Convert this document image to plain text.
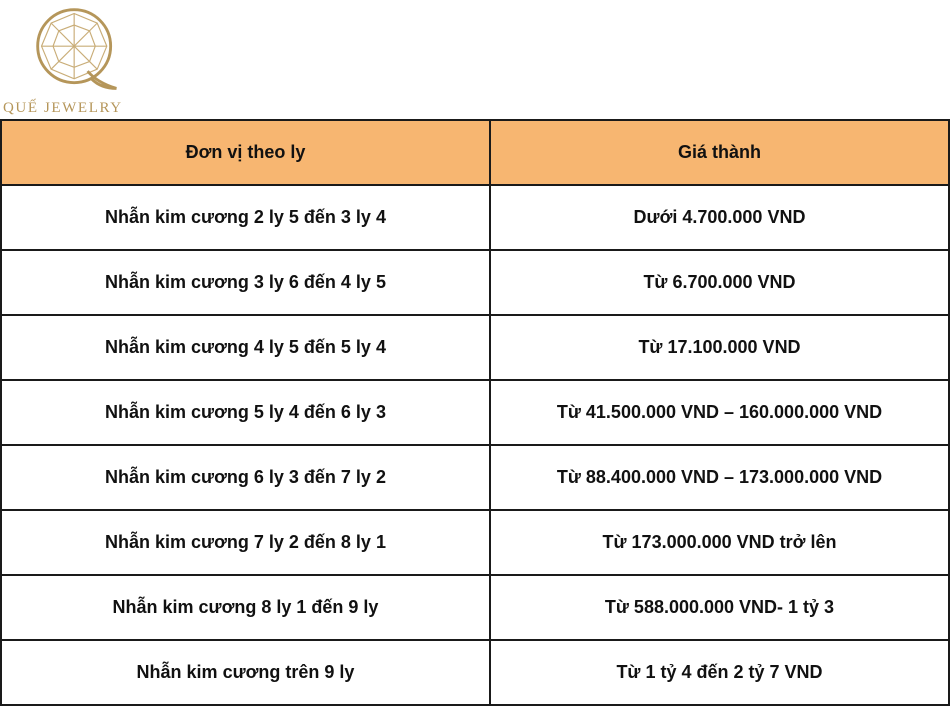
QUẾ JEWELRY
Đơn vị theo ly	Giá thành
Nhẫn kim cương 2 ly 5 đến 3 ly 4	Dưới 4.700.000 VND
Nhẫn kim cương 3 ly 6 đến 4 ly 5	Từ 6.700.000 VND
Nhẫn kim cương 4 ly 5 đến 5 ly 4	Từ 17.100.000 VND
Nhẫn kim cương 5 ly 4 đến 6 ly 3	Từ 41.500.000 VND – 160.000.000 VND
Nhẫn kim cương 6 ly 3 đến 7 ly 2	Từ 88.400.000 VND – 173.000.000 VND
Nhẫn kim cương 7 ly 2 đến 8 ly 1	Từ 173.000.000 VND trở lên
Nhẫn kim cương 8 ly 1 đến 9 ly	Từ 588.000.000 VND- 1 tỷ 3
Nhẫn kim cương trên 9 ly	Từ 1 tỷ 4 đến 2 tỷ 7 VND
